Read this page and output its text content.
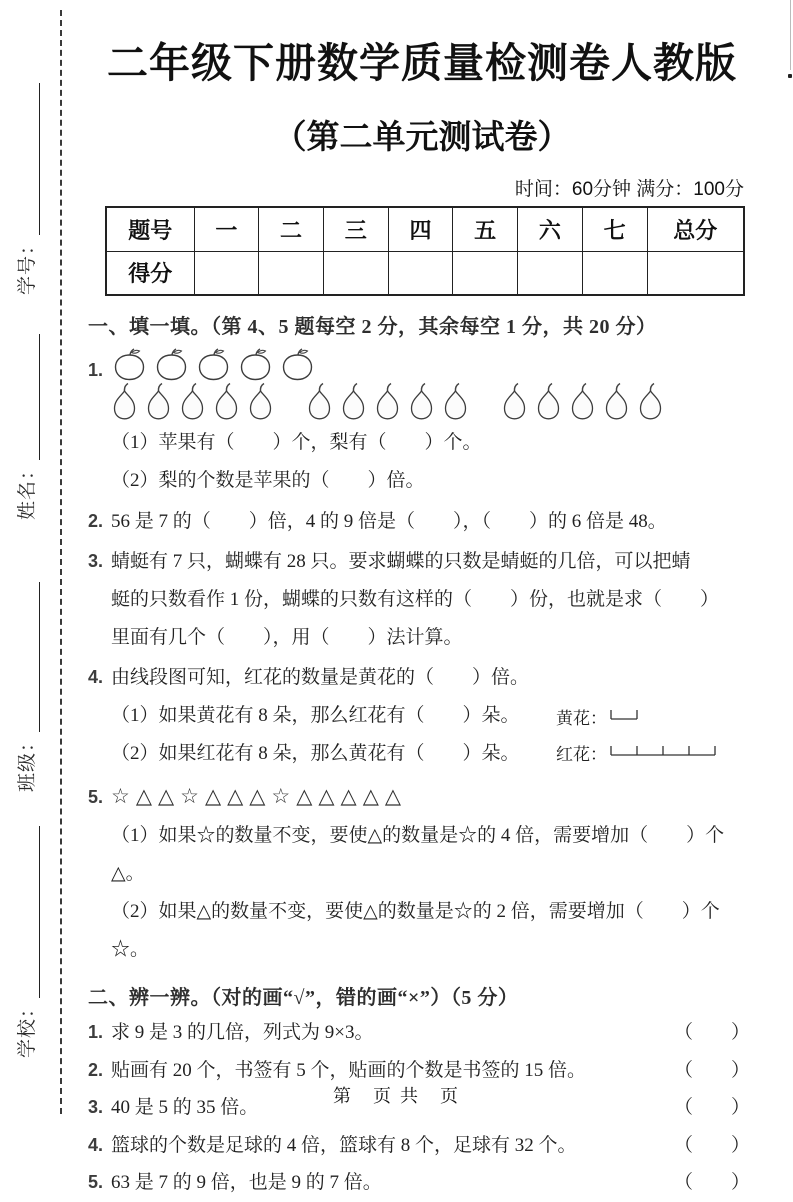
学号：
姓名：
班级：
学校：
二年级下册数学质量检测卷人教版
（第二单元测试卷）
时间：60分钟 满分：100分
题号	一	二	三	四	五	六	七	总分
得分								
一、填一填。（第 4、5 题每空 2 分，其余每空 1 分，共 20 分）
1.
（1）苹果有（　　）个，梨有（　　）个。
（2）梨的个数是苹果的（　　）倍。
2. 56 是 7 的（　　）倍，4 的 9 倍是（　　），（　　）的 6 倍是 48。
3. 蜻蜓有 7 只，蝴蝶有 28 只。要求蝴蝶的只数是蜻蜓的几倍，可以把蜻
蜓的只数看作 1 份，蝴蝶的只数有这样的（　　）份，也就是求（　　）
里面有几个（　　），用（　　）法计算。
4. 由线段图可知，红花的数量是黄花的（　　）倍。
（1）如果黄花有 8 朵，那么红花有（　　）朵。
（2）如果红花有 8 朵，那么黄花有（　　）朵。
黄花：
红花：
5. ☆△△☆△△△☆△△△△△
（1）如果☆的数量不变，要使△的数量是☆的 4 倍，需要增加（　　）个△。
（2）如果△的数量不变，要使△的数量是☆的 2 倍，需要增加（　　）个☆。
二、辨一辨。（对的画“√”，错的画“×”）（5 分）
1. 求 9 是 3 的几倍，列式为 9×3。	（　　）
2. 贴画有 20 个，书签有 5 个，贴画的个数是书签的 15 倍。	（　　）
3. 40 是 5 的 35 倍。	（　　）
4. 篮球的个数是足球的 4 倍，篮球有 8 个，足球有 32 个。	（　　）
5. 63 是 7 的 9 倍，也是 9 的 7 倍。	（　　）
第　页 共　页
